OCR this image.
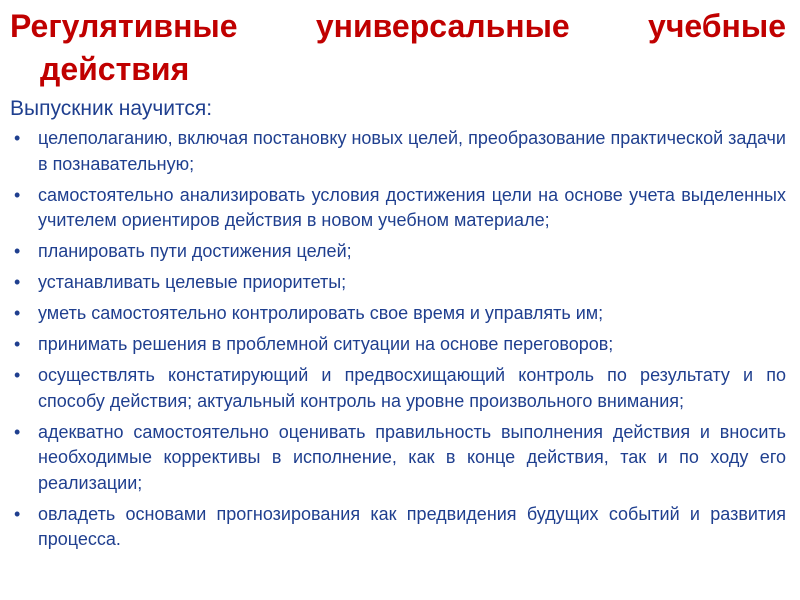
Регулятивные универсальные учебные
действия
Выпускник научится:
• целеполаганию, включая постановку новых целей, преобразование практической задачи в познавательную;
• самостоятельно анализировать условия достижения цели на основе учета выделенных учителем ориентиров действия в новом учебном материале;
• планировать пути достижения целей;
• устанавливать целевые приоритеты;
• уметь самостоятельно контролировать свое время и управлять им;
• принимать решения в проблемной ситуации на основе переговоров;
• осуществлять констатирующий и предвосхищающий контроль по результату и по способу действия; актуальный контроль на уровне произвольного внимания;
• адекватно самостоятельно оценивать правильность выполнения действия и вносить необходимые коррективы в исполнение, как в конце действия, так и по ходу его реализации;
• овладеть основами прогнозирования как предвидения будущих событий и развития процесса.
